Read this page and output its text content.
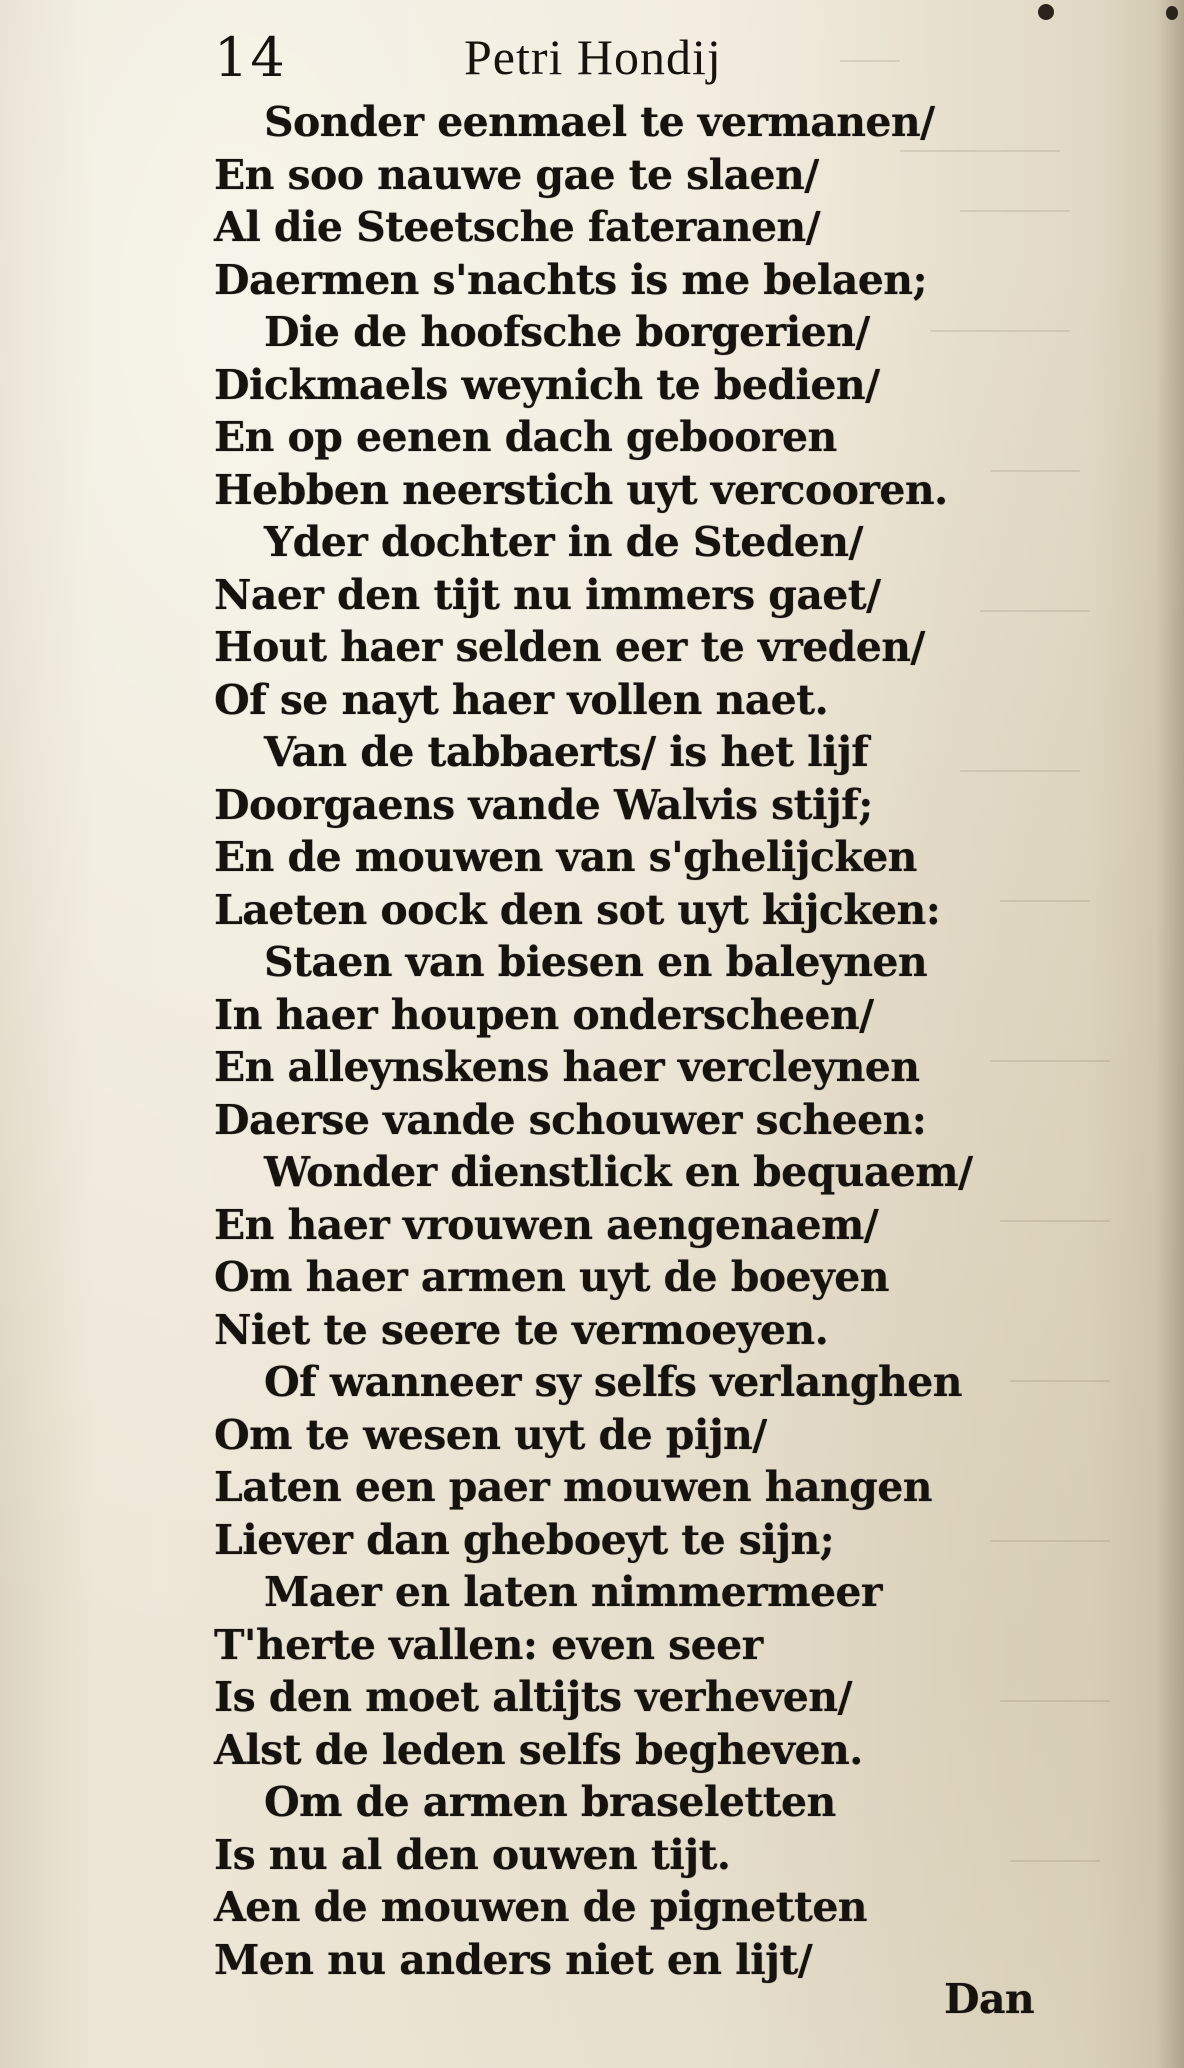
14	Petri Hondij
Sonder eenmael te vermanen/
En soo nauwe gae te slaen/
Al die Steetsche fateranen/
Daermen s'nachts is me belaen;
Die de hoofsche borgerien/
Dickmaels weynich te bedien/
En op eenen dach gebooren
Hebben neerstich uyt vercooren.
Yder dochter in de Steden/
Naer den tijt nu immers gaet/
Hout haer selden eer te vreden/
Of se nayt haer vollen naet.
Van de tabbaerts/ is het lijf
Doorgaens vande Walvis stijf;
En de mouwen van s'ghelijcken
Laeten oock den sot uyt kijcken:
Staen van biesen en baleynen
In haer houpen onderscheen/
En alleynskens haer vercleynen
Daerse vande schouwer scheen:
Wonder dienstlick en bequaem/
En haer vrouwen aengenaem/
Om haer armen uyt de boeyen
Niet te seere te vermoeyen.
Of wanneer sy selfs verlanghen
Om te wesen uyt de pijn/
Laten een paer mouwen hangen
Liever dan gheboeyt te sijn;
Maer en laten nimmermeer
T'herte vallen: even seer
Is den moet altijts verheven/
Alst de leden selfs begheven.
Om de armen braseletten
Is nu al den ouwen tijt.
Aen de mouwen de pignetten
Men nu anders niet en lijt/
Dan
